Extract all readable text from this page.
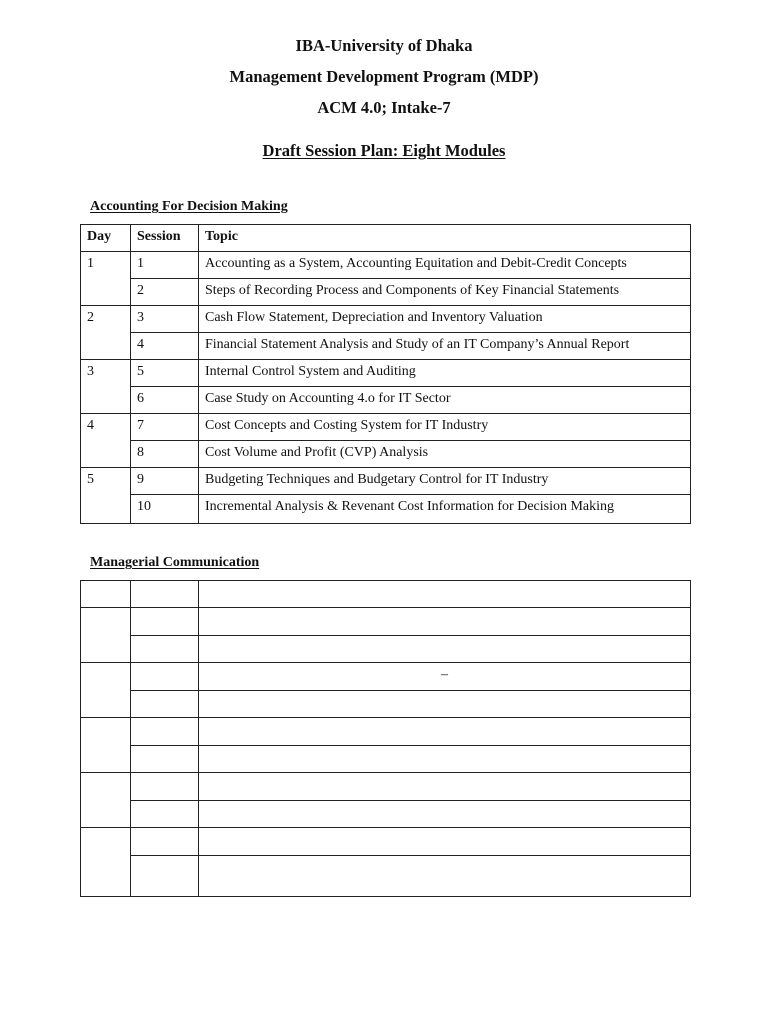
IBA-University of Dhaka
Management Development Program (MDP)
ACM 4.0; Intake-7
Draft Session Plan: Eight Modules
Accounting For Decision Making
Day	Session	Topic
1	1	Accounting as a System, Accounting Equitation and Debit-Credit Concepts
	2	Steps of Recording Process and Components of Key Financial Statements
2	3	Cash Flow Statement, Depreciation and Inventory Valuation
	4	Financial Statement Analysis and Study of an IT Company’s Annual Report
3	5	Internal Control System and Auditing
	6	Case Study on Accounting 4.o for IT Sector
4	7	Cost Concepts and Costing System for IT Industry
	8	Cost Volume and Profit (CVP) Analysis
5	9	Budgeting Techniques and Budgetary Control for IT Industry
	10	Incremental Analysis & Revenant Cost Information for Decision Making
Managerial Communication

		–
